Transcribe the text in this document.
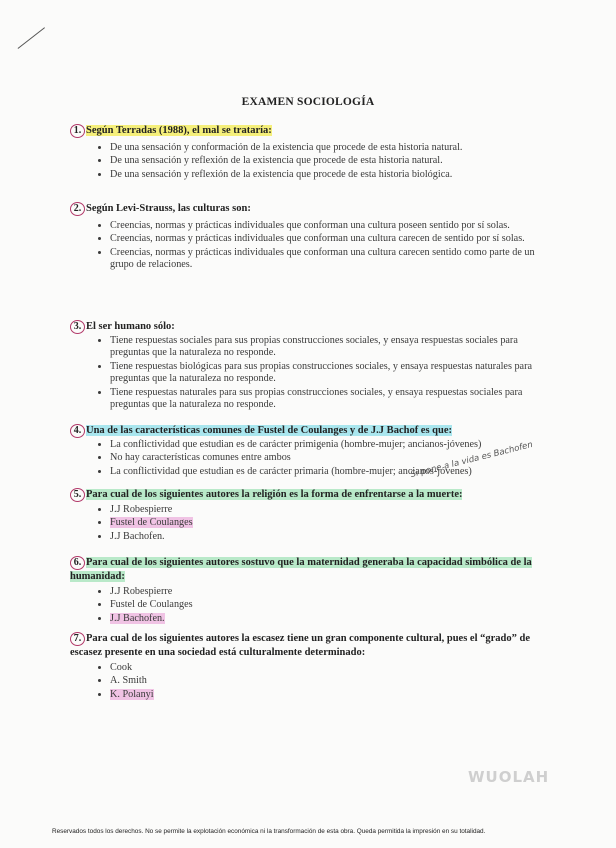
EXAMEN SOCIOLOGÍA
1. Según Terradas (1988), el mal se trataría:
• De una sensación y conformación de la existencia que procede de esta historia natural.
• De una sensación y reflexión de la existencia que procede de esta historia natural.
• De una sensación y reflexión de la existencia que procede de esta historia biológica.
2. Según Levi-Strauss, las culturas son:
• Creencias, normas y prácticas individuales que conforman una cultura poseen sentido por sí solas.
• Creencias, normas y prácticas individuales que conforman una cultura carecen de sentido por sí solas.
• Creencias, normas y prácticas individuales que conforman una cultura carecen sentido como parte de un grupo de relaciones.
3. El ser humano sólo:
• Tiene respuestas sociales para sus propias construcciones sociales, y ensaya respuestas sociales para preguntas que la naturaleza no responde.
• Tiene respuestas biológicas para sus propias construcciones sociales, y ensaya respuestas naturales para preguntas que la naturaleza no responde.
• Tiene respuestas naturales para sus propias construcciones sociales, y ensaya respuestas sociales para preguntas que la naturaleza no responde.
4. Una de las características comunes de Fustel de Coulanges y de J.J Bachof es que:
• La conflictividad que estudian es de carácter primigenia (hombre-mujer; ancianos-jóvenes)
• No hay características comunes entre ambos
• La conflictividad que estudian es de carácter primaria (hombre-mujer; ancianos-jóvenes)
5. Para cual de los siguientes autores la religión es la forma de enfrentarse a la muerte:
• J.J Robespierre
• Fustel de Coulanges
• J.J Bachofen.
6. Para cual de los siguientes autores sostuvo que la maternidad generaba la capacidad simbólica de la humanidad:
• J.J Robespierre
• Fustel de Coulanges
• J.J Bachofen.
7. Para cual de los siguientes autores la escasez tiene un gran componente cultural, pues el “grado” de escasez presente en una sociedad está culturalmente determinado:
• Cook
• A. Smith
• K. Polanyi
Si pone a la vida es Bachofen
WUOLAH
Reservados todos los derechos. No se permite la explotación económica ni la transformación de esta obra. Queda permitida la impresión en su totalidad.
